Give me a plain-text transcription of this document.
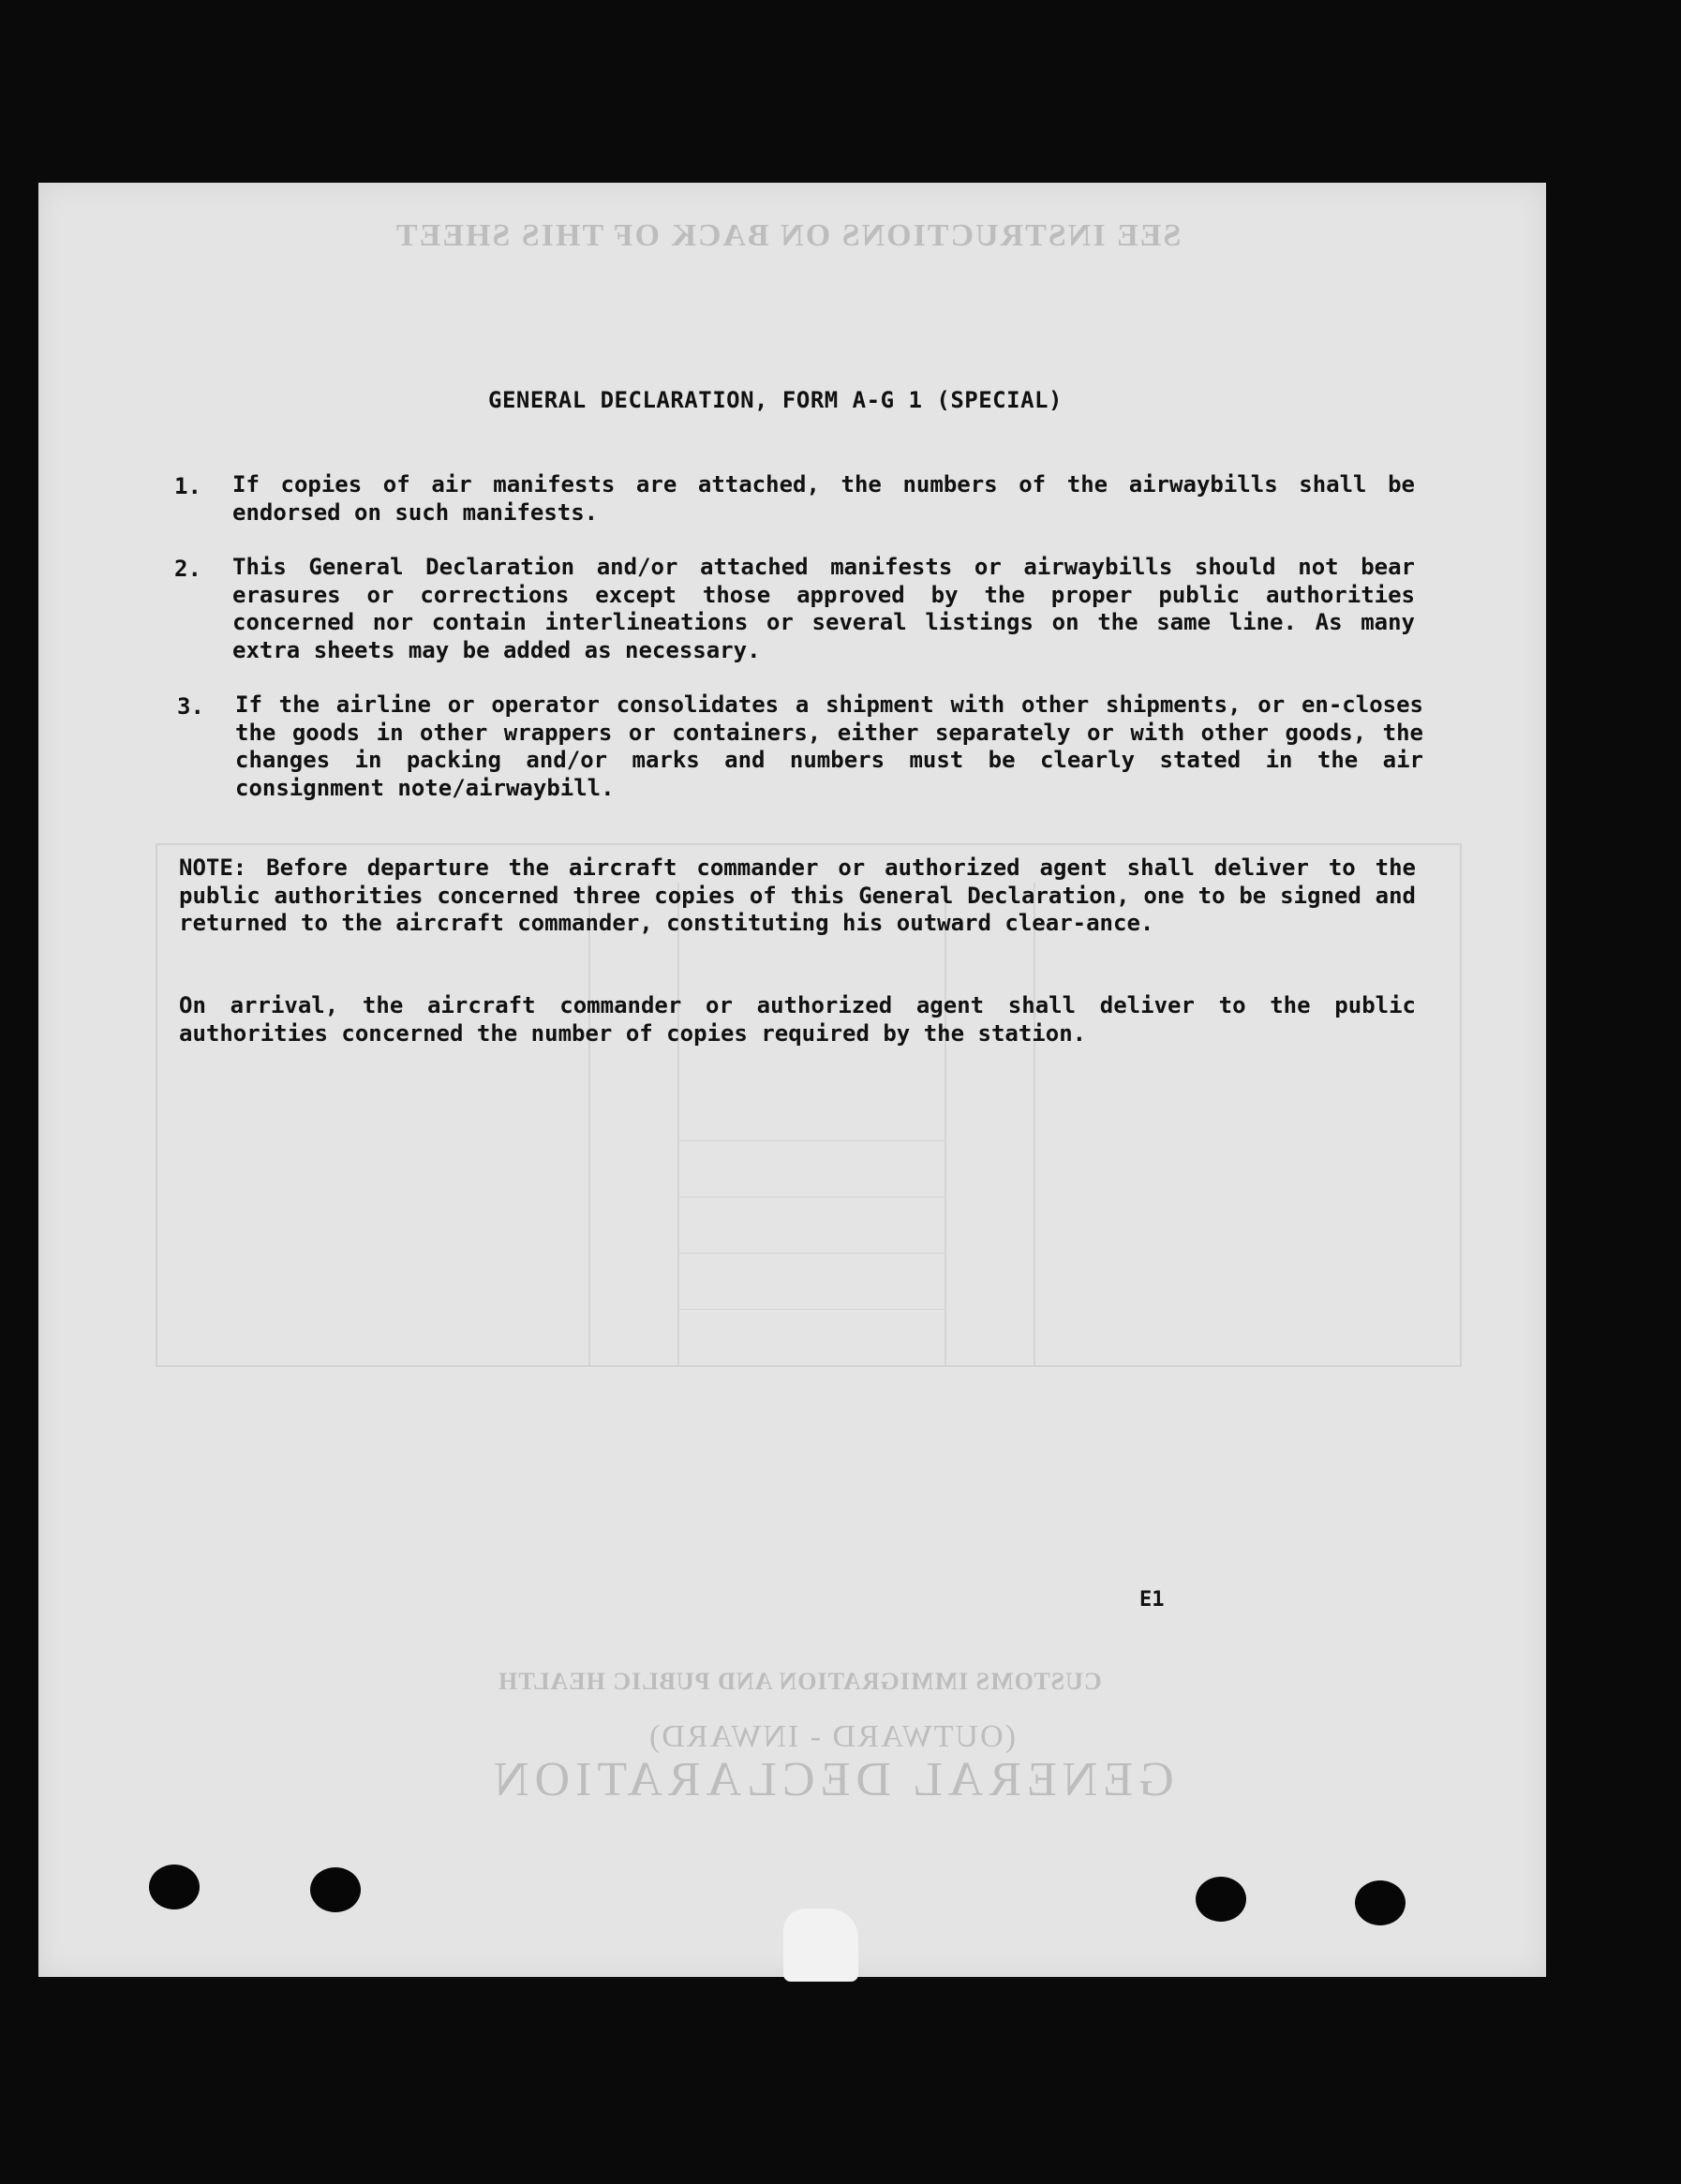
SEE INSTRUCTIONS ON BACK OF THIS SHEET
CUSTOMS IMMIGRATION AND PUBLIC HEALTH
(OUTWARD - INWARD)
GENERAL DECLARATION
GENERAL DECLARATION, FORM A-G 1 (SPECIAL)
1. If copies of air manifests are attached, the numbers of the airwaybills shall be endorsed on such manifests.
2. This General Declaration and/or attached manifests or airwaybills should not bear erasures or corrections except those approved by the proper public authorities concerned nor contain interlineations or several listings on the same line. As many extra sheets may be added as necessary.
3. If the airline or operator consolidates a shipment with other shipments, or en-closes the goods in other wrappers or containers, either separately or with other goods, the changes in packing and/or marks and numbers must be clearly stated in the air consignment note/airwaybill.
NOTE: Before departure the aircraft commander or authorized agent shall deliver to the public authorities concerned three copies of this General Declaration, one to be signed and returned to the aircraft commander, constituting his outward clear-ance.
On arrival, the aircraft commander or authorized agent shall deliver to the public authorities concerned the number of copies required by the station.
E1
